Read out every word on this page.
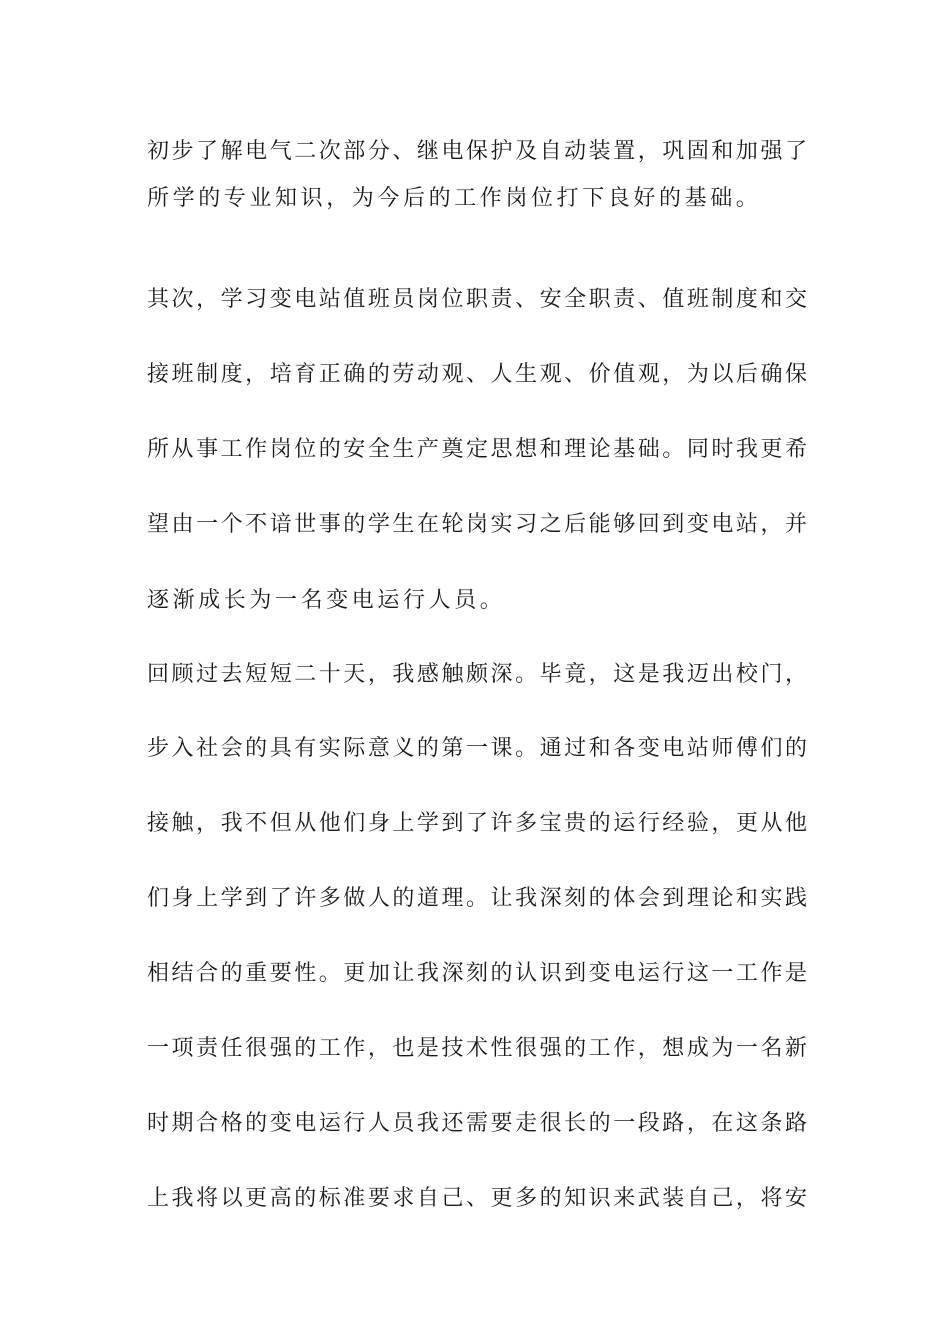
初步了解电气二次部分、继电保护及自动装置，巩固和加强了
所学的专业知识，为今后的工作岗位打下良好的基础。
其次，学习变电站值班员岗位职责、安全职责、值班制度和交
接班制度，培育正确的劳动观、人生观、价值观，为以后确保
所从事工作岗位的安全生产奠定思想和理论基础。同时我更希
望由一个不谙世事的学生在轮岗实习之后能够回到变电站，并
逐渐成长为一名变电运行人员。
回顾过去短短二十天，我感触颇深。毕竟，这是我迈出校门，
步入社会的具有实际意义的第一课。通过和各变电站师傅们的
接触，我不但从他们身上学到了许多宝贵的运行经验，更从他
们身上学到了许多做人的道理。让我深刻的体会到理论和实践
相结合的重要性。更加让我深刻的认识到变电运行这一工作是
一项责任很强的工作，也是技术性很强的工作，想成为一名新
时期合格的变电运行人员我还需要走很长的一段路，在这条路
上我将以更高的标准要求自己、更多的知识来武装自己，将安
